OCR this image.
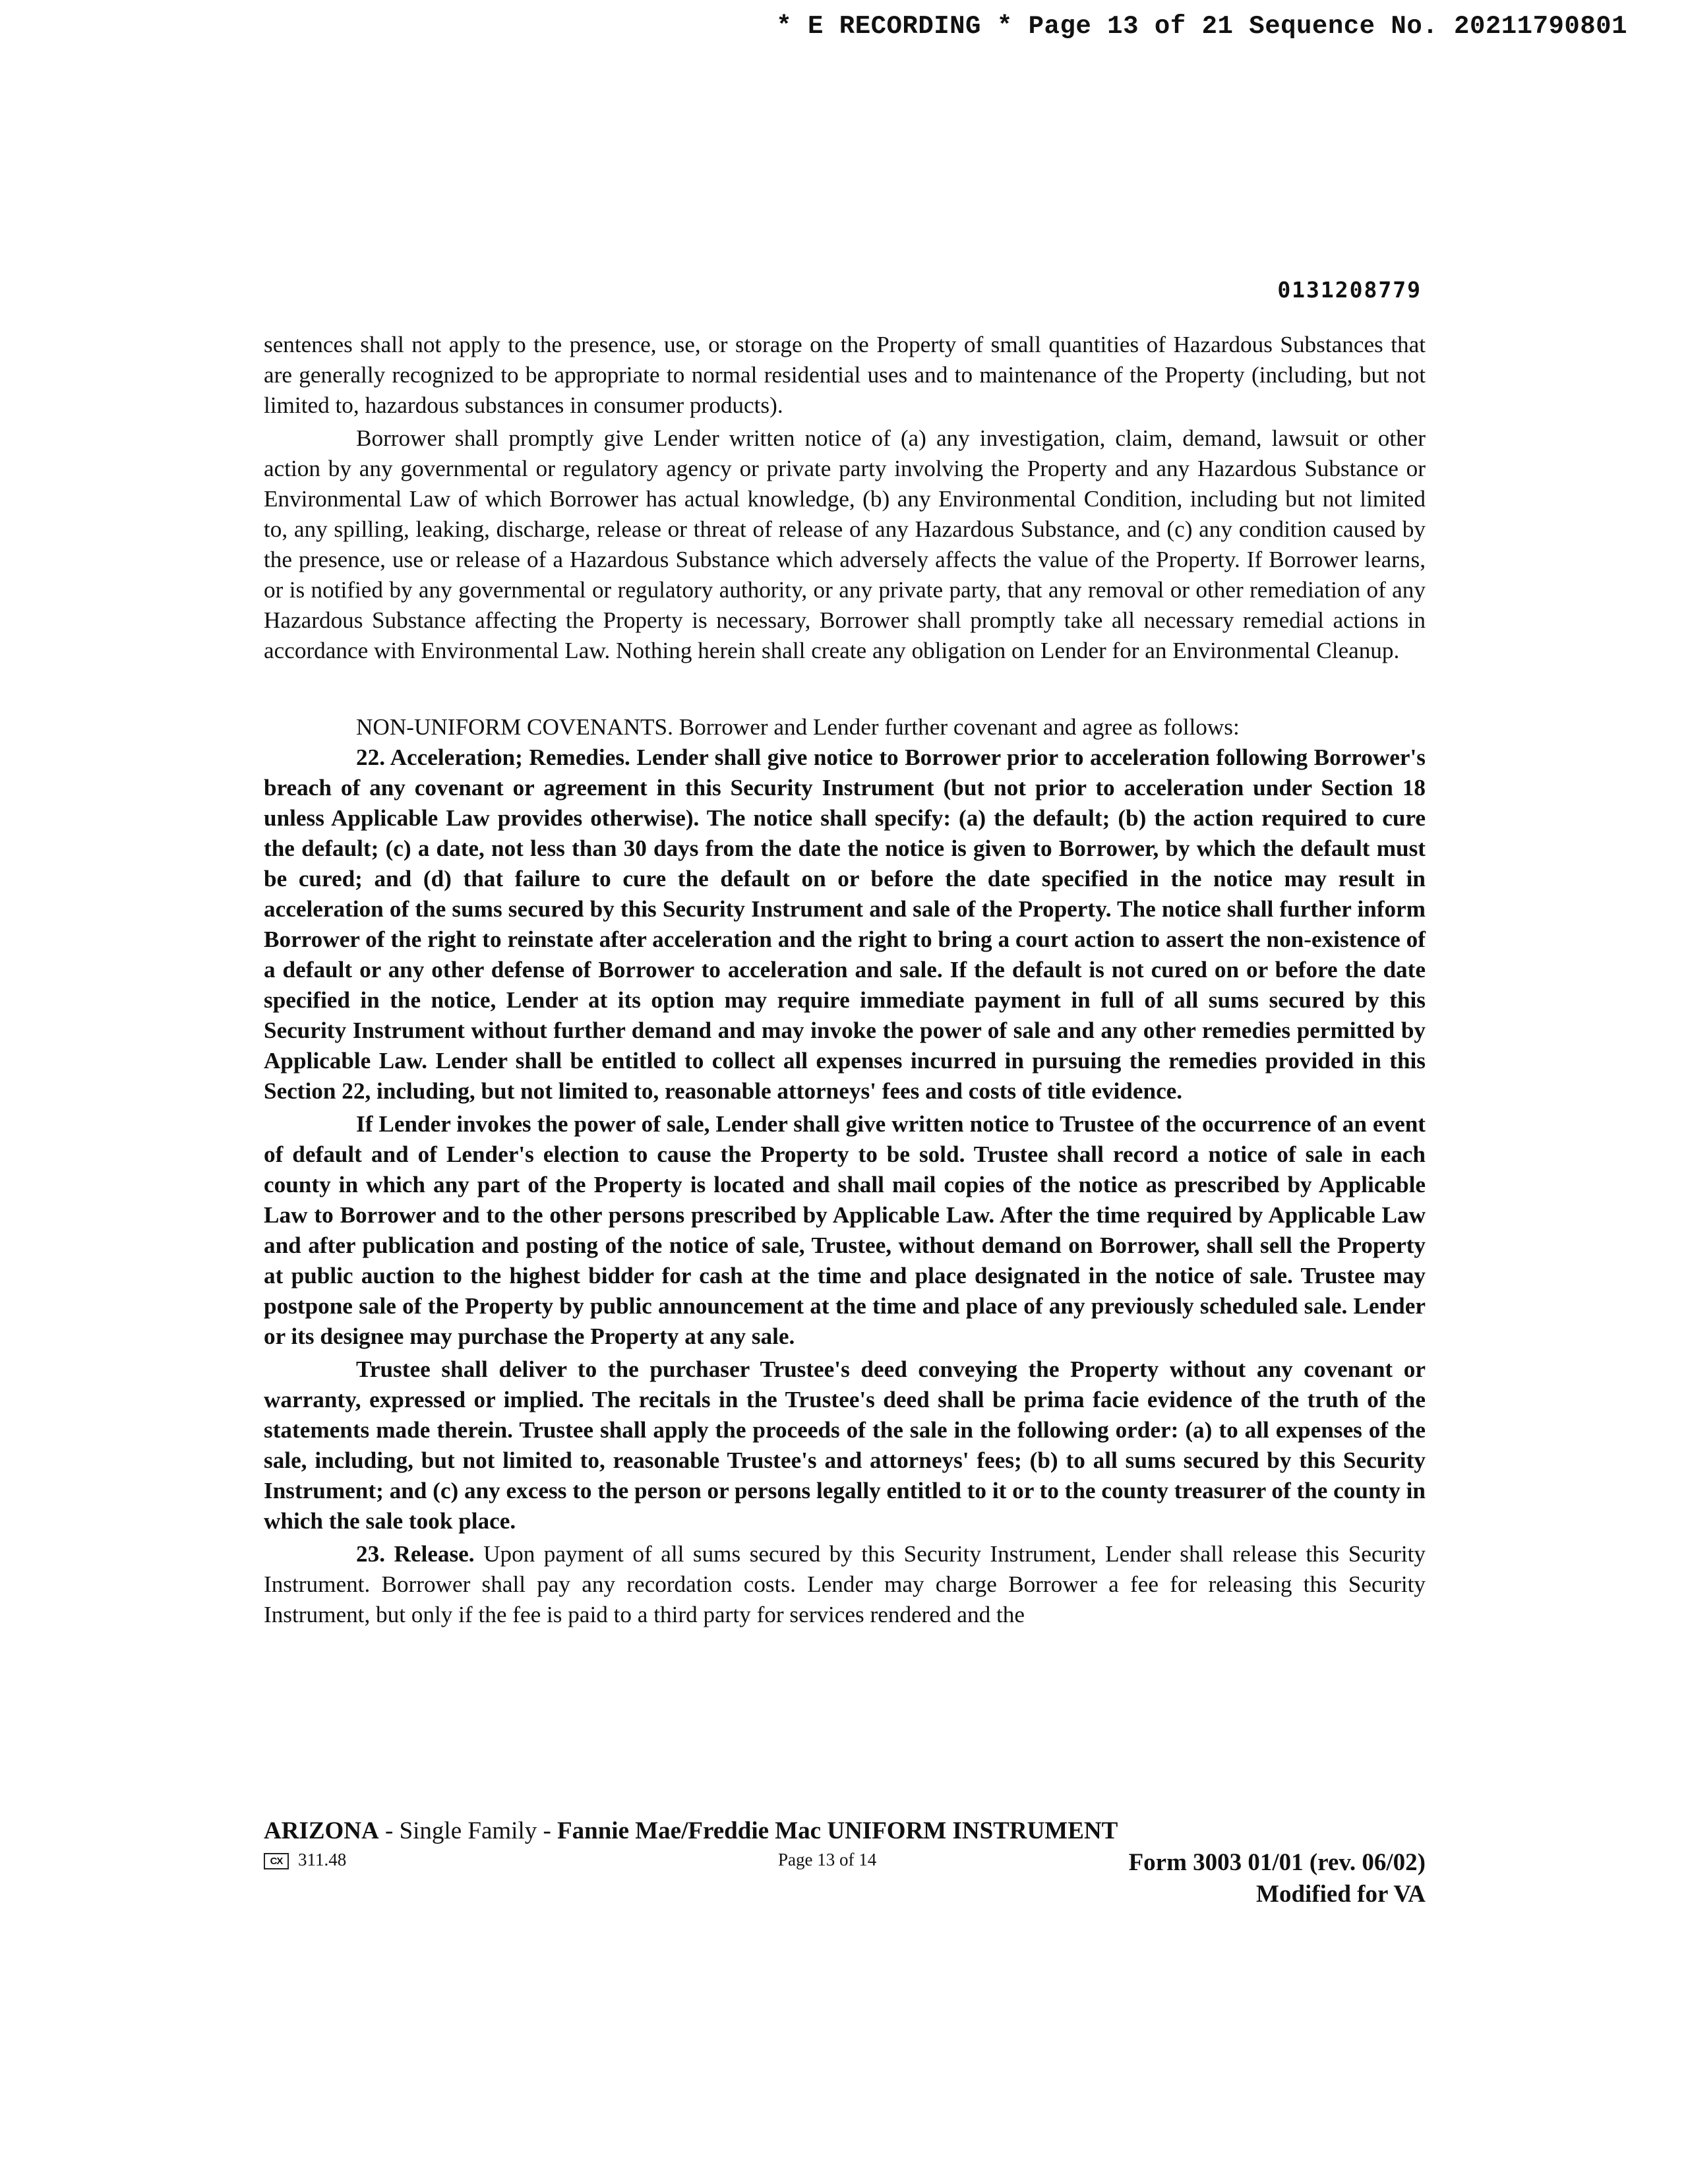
* E RECORDING * Page 13 of 21 Sequence No. 20211790801
0131208779

sentences shall not apply to the presence, use, or storage on the Property of small quantities of Hazardous Substances that are generally recognized to be appropriate to normal residential uses and to maintenance of the Property (including, but not limited to, hazardous substances in consumer products).

Borrower shall promptly give Lender written notice of (a) any investigation, claim, demand, lawsuit or other action by any governmental or regulatory agency or private party involving the Property and any Hazardous Substance or Environmental Law of which Borrower has actual knowledge, (b) any Environmental Condition, including but not limited to, any spilling, leaking, discharge, release or threat of release of any Hazardous Substance, and (c) any condition caused by the presence, use or release of a Hazardous Substance which adversely affects the value of the Property. If Borrower learns, or is notified by any governmental or regulatory authority, or any private party, that any removal or other remediation of any Hazardous Substance affecting the Property is necessary, Borrower shall promptly take all necessary remedial actions in accordance with Environmental Law. Nothing herein shall create any obligation on Lender for an Environmental Cleanup.

NON-UNIFORM COVENANTS. Borrower and Lender further covenant and agree as follows:

22. Acceleration; Remedies. Lender shall give notice to Borrower prior to acceleration following Borrower's breach of any covenant or agreement in this Security Instrument (but not prior to acceleration under Section 18 unless Applicable Law provides otherwise). The notice shall specify: (a) the default; (b) the action required to cure the default; (c) a date, not less than 30 days from the date the notice is given to Borrower, by which the default must be cured; and (d) that failure to cure the default on or before the date specified in the notice may result in acceleration of the sums secured by this Security Instrument and sale of the Property. The notice shall further inform Borrower of the right to reinstate after acceleration and the right to bring a court action to assert the non-existence of a default or any other defense of Borrower to acceleration and sale. If the default is not cured on or before the date specified in the notice, Lender at its option may require immediate payment in full of all sums secured by this Security Instrument without further demand and may invoke the power of sale and any other remedies permitted by Applicable Law. Lender shall be entitled to collect all expenses incurred in pursuing the remedies provided in this Section 22, including, but not limited to, reasonable attorneys' fees and costs of title evidence.

If Lender invokes the power of sale, Lender shall give written notice to Trustee of the occurrence of an event of default and of Lender's election to cause the Property to be sold. Trustee shall record a notice of sale in each county in which any part of the Property is located and shall mail copies of the notice as prescribed by Applicable Law to Borrower and to the other persons prescribed by Applicable Law. After the time required by Applicable Law and after publication and posting of the notice of sale, Trustee, without demand on Borrower, shall sell the Property at public auction to the highest bidder for cash at the time and place designated in the notice of sale. Trustee may postpone sale of the Property by public announcement at the time and place of any previously scheduled sale. Lender or its designee may purchase the Property at any sale.

Trustee shall deliver to the purchaser Trustee's deed conveying the Property without any covenant or warranty, expressed or implied. The recitals in the Trustee's deed shall be prima facie evidence of the truth of the statements made therein. Trustee shall apply the proceeds of the sale in the following order: (a) to all expenses of the sale, including, but not limited to, reasonable Trustee's and attorneys' fees; (b) to all sums secured by this Security Instrument; and (c) any excess to the person or persons legally entitled to it or to the county treasurer of the county in which the sale took place.

23. Release. Upon payment of all sums secured by this Security Instrument, Lender shall release this Security Instrument. Borrower shall pay any recordation costs. Lender may charge Borrower a fee for releasing this Security Instrument, but only if the fee is paid to a third party for services rendered and the

ARIZONA - Single Family - Fannie Mae/Freddie Mac UNIFORM INSTRUMENT
CX 311.48	Page 13 of 14	Form 3003 01/01 (rev. 06/02)
Modified for VA
